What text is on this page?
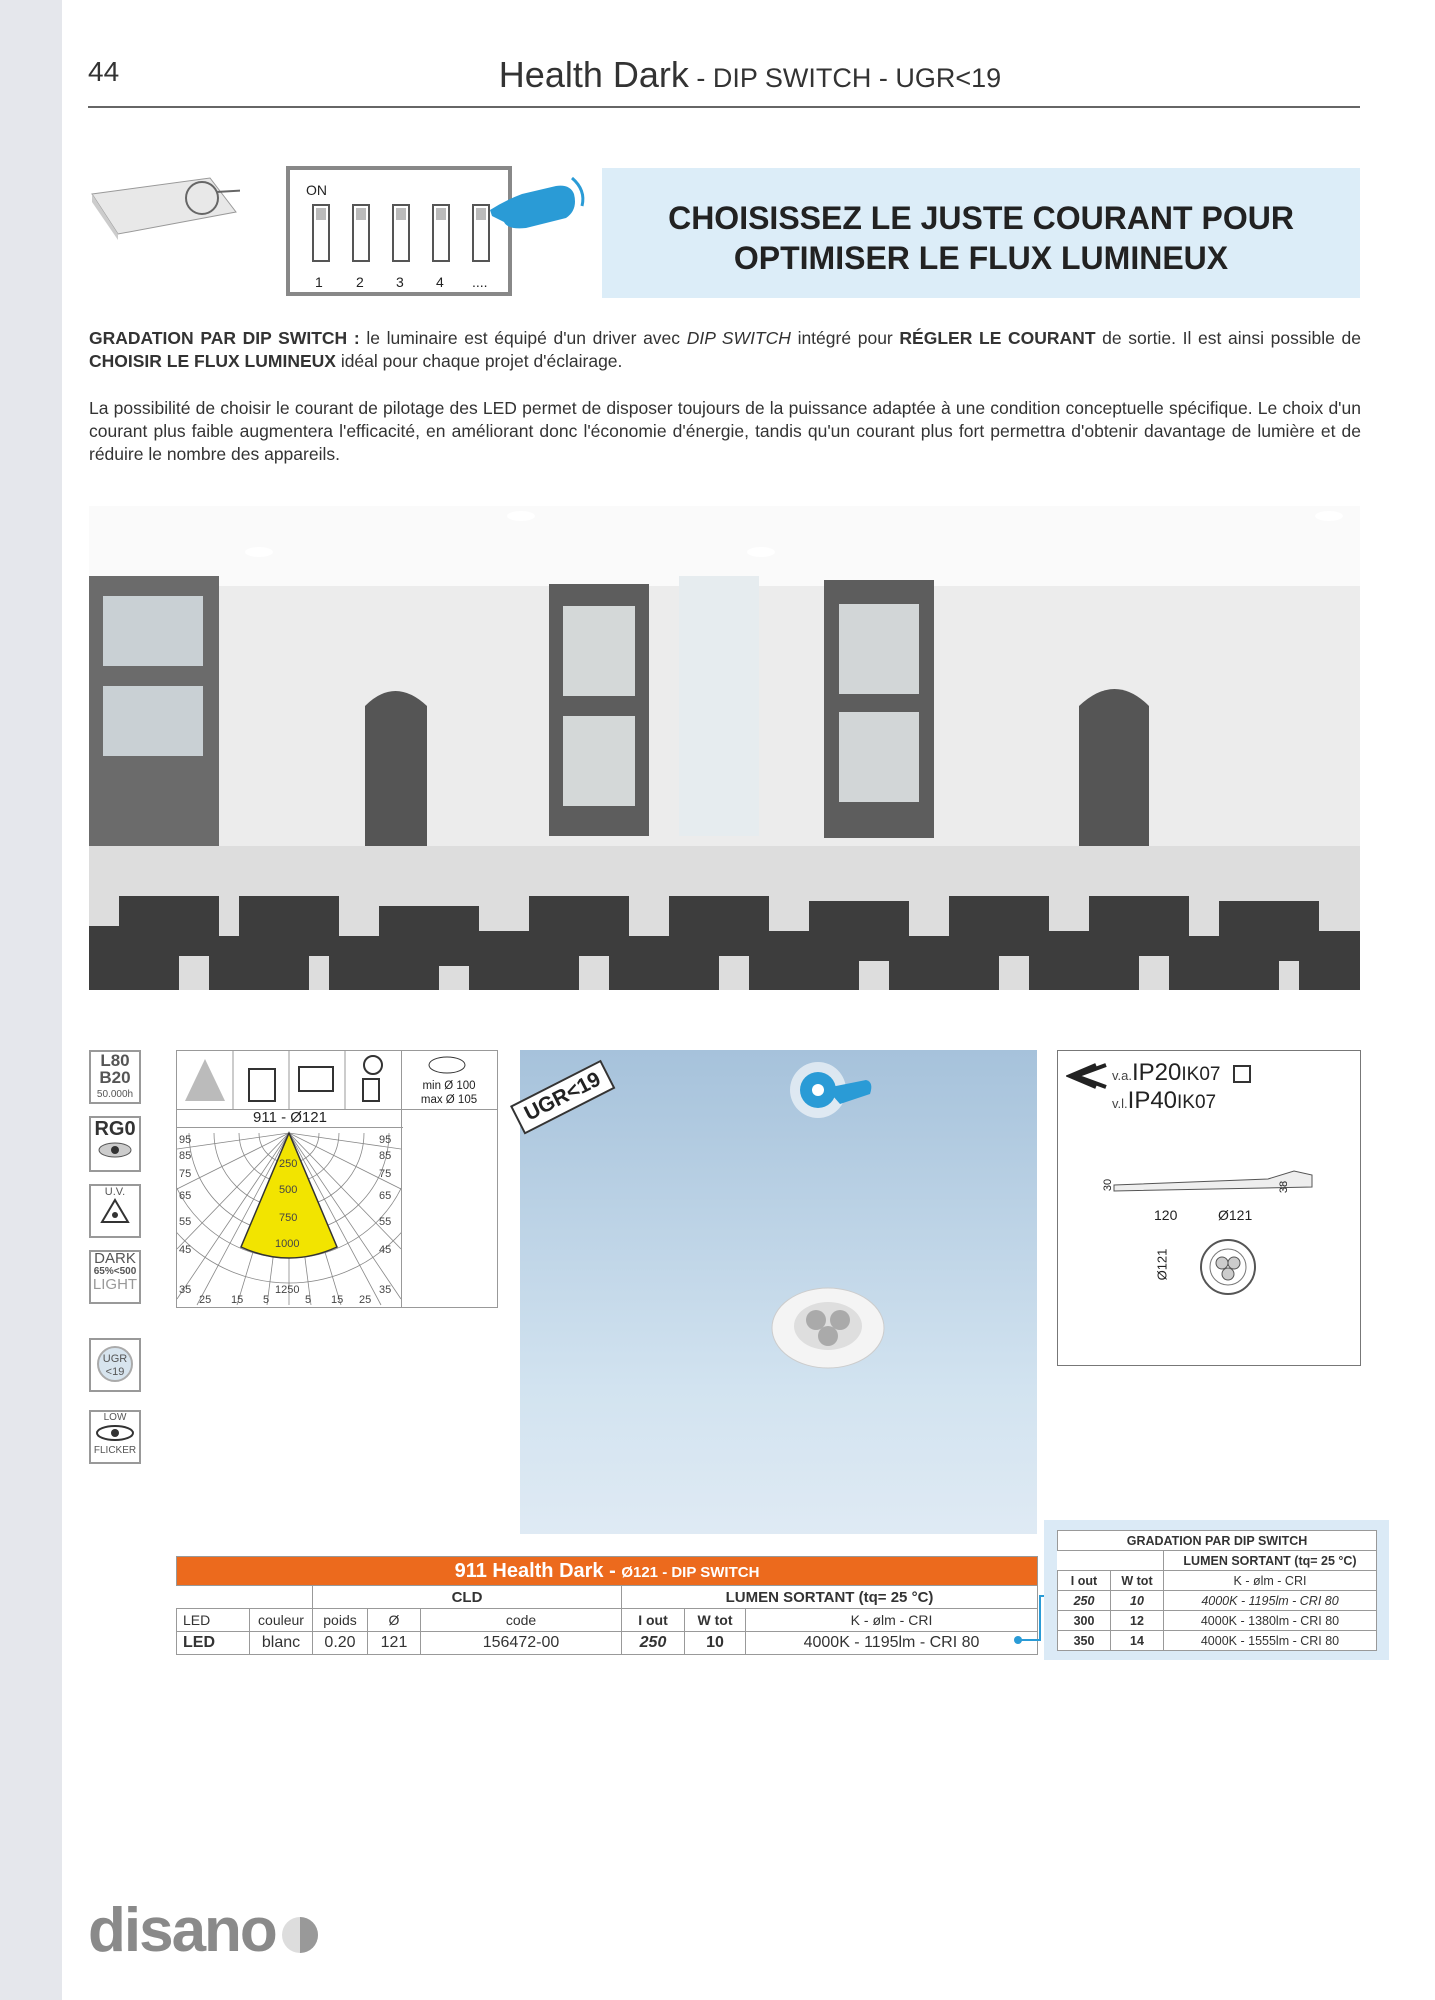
44	Health Dark - DIP SWITCH - UGR<19
ON
1 2 3 4 ....
CHOISISSEZ LE JUSTE COURANT POUR
OPTIMISER LE FLUX LUMINEUX
GRADATION PAR DIP SWITCH : le luminaire est équipé d'un driver avec DIP SWITCH intégré pour RÉGLER LE COURANT de sortie. Il est ainsi possible de CHOISIR LE FLUX LUMINEUX idéal pour chaque projet d'éclairage.
La possibilité de choisir le courant de pilotage des LED permet de disposer toujours de la puissance adaptée à une condition conceptuelle spécifique. Le choix d'un courant plus faible augmentera l'efficacité, en améliorant donc l'économie d'énergie, tandis qu'un courant plus fort permettra d'obtenir davantage de lumière et de réduire le nombre des appareils.
L80
B20
50.000h
RG0
U.V.
DARK
65%<500
LIGHT
UGR
<19
LOW
FLICKER
min Ø 100
max Ø 105
911 - Ø121
95
85
75
65
55
45
35
95
85
75
65
55
45
35
250
500
750
1000
1250
25 15 5	5 15 25
UGR<19	v.a.IP20IK07
v.l.IP40IK07
30	38
120	Ø121
Ø121
911 Health Dark - Ø121 - DIP SWITCH							
		CLD			LUMEN SORTANT (tq= 25 °C)		
LED	couleur	poids	Ø	code	I out	W tot	K - ølm - CRI
LED	blanc	0.20	121	156472-00	250	10	4000K - 1195lm - CRI 80
GRADATION PAR DIP SWITCH		
		LUMEN SORTANT (tq= 25 °C)
I out	W tot	K - ølm - CRI
250	10	4000K - 1195lm - CRI 80
300	12	4000K - 1380lm - CRI 80
350	14	4000K - 1555lm - CRI 80
disano
